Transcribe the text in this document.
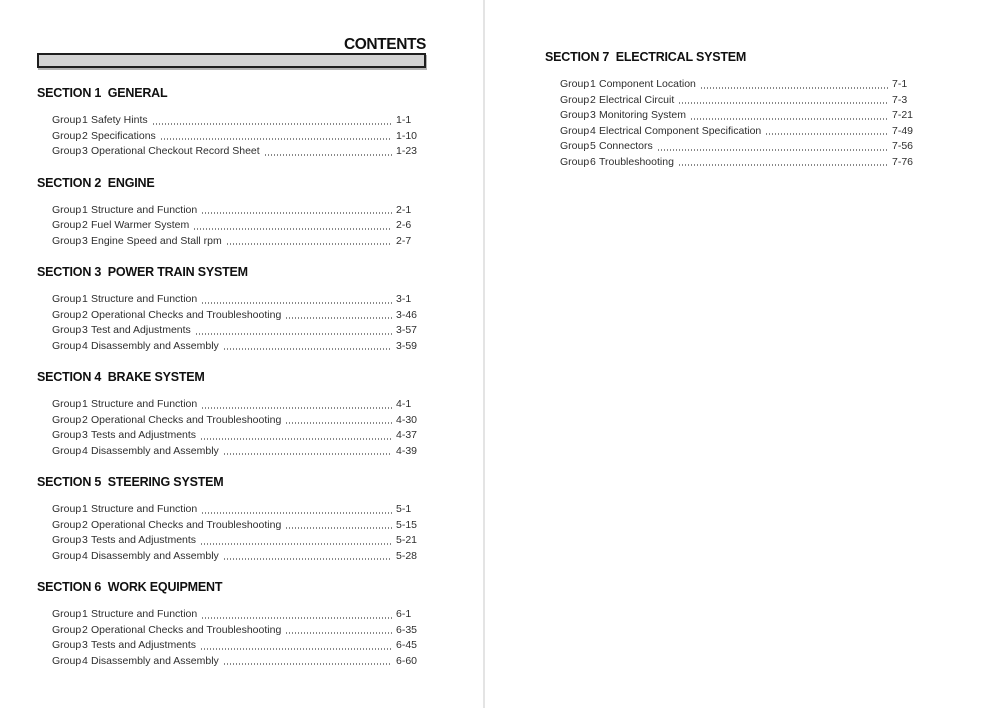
CONTENTS
SECTION 1  GENERAL
Group 1 Safety Hints	1-1
Group 2 Specifications	1-10
Group 3 Operational Checkout Record Sheet	1-23
SECTION 2  ENGINE
Group 1 Structure and Function	2-1
Group 2 Fuel Warmer System	2-6
Group 3 Engine Speed and Stall rpm	2-7
SECTION 3  POWER TRAIN SYSTEM
Group 1 Structure and Function	3-1
Group 2 Operational Checks and Troubleshooting	3-46
Group 3 Test and Adjustments	3-57
Group 4 Disassembly and Assembly	3-59
SECTION 4  BRAKE SYSTEM
Group 1 Structure and Function	4-1
Group 2 Operational Checks and Troubleshooting	4-30
Group 3 Tests and Adjustments	4-37
Group 4 Disassembly and Assembly	4-39
SECTION 5  STEERING SYSTEM
Group 1 Structure and Function	5-1
Group 2 Operational Checks and Troubleshooting	5-15
Group 3 Tests and Adjustments	5-21
Group 4 Disassembly and Assembly	5-28
SECTION 6  WORK EQUIPMENT
Group 1 Structure and Function	6-1
Group 2 Operational Checks and Troubleshooting	6-35
Group 3 Tests and Adjustments	6-45
Group 4 Disassembly and Assembly	6-60
SECTION 7  ELECTRICAL SYSTEM
Group 1 Component Location	7-1
Group 2 Electrical Circuit	7-3
Group 3 Monitoring System	7-21
Group 4 Electrical Component Specification	7-49
Group 5 Connectors	7-56
Group 6 Troubleshooting	7-76
